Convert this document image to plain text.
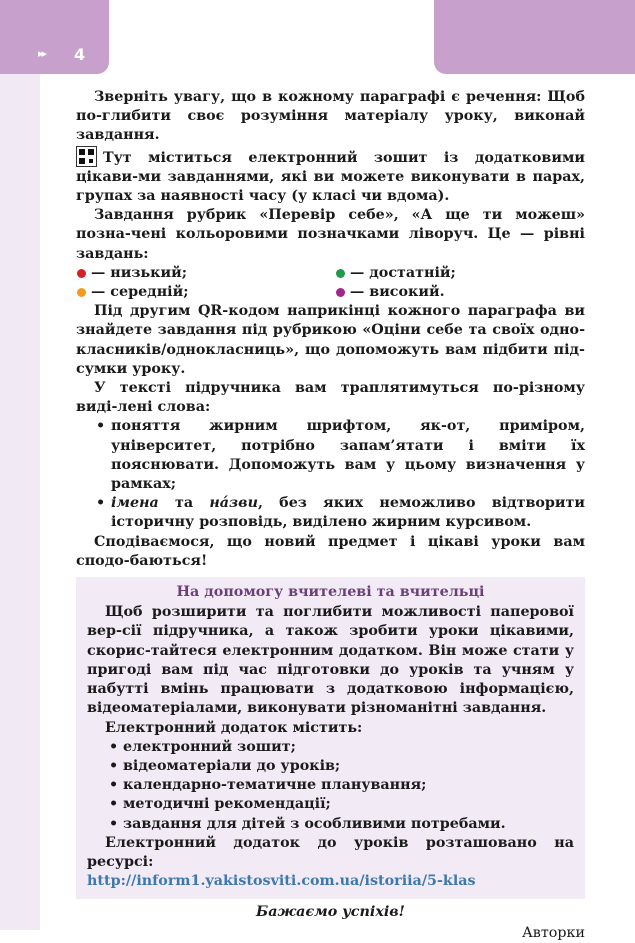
▸▸ 4

Зверніть увагу, що в кожному параграфі є речення: Щоб по-глибити своє розуміння матеріалу уроку, виконай завдання.

Тут міститься електронний зошит із додатковими цікави-ми завданнями, які ви можете виконувати в парах, групах за наявності часу (у класі чи вдома).

Завдання рубрик «Перевір себе», «А ще ти можеш» позна-чені кольоровими позначками ліворуч. Це — рівні завдань:

— низький;	— достатній;
— середній;	— високий.

Під другим QR-кодом наприкінці кожного параграфа ви знайдете завдання під рубрикою «Оціни себе та своїх одно-класників/однокласниць», що допоможуть вам підбити під-сумки уроку.

У тексті підручника вам траплятимуться по-різному виді-лені слова:

• поняття жирним шрифтом, як-от, приміром, університет, потрібно запам’ятати і вміти їх пояснювати. Допоможуть вам у цьому визначення у рамках;
• імена та нáзви, без яких неможливо відтворити історичну розповідь, виділено жирним курсивом.

Сподіваємося, що новий предмет і цікаві уроки вам сподо-баються!

На допомогу вчителеві та вчительці

Щоб розширити та поглибити можливості паперової вер-сії підручника, а також зробити уроки цікавими, скорис-тайтеся електронним додатком. Він може стати у пригоді вам під час підготовки до уроків та учням у набутті вмінь працювати з додатковою інформацією, відеоматеріалами, виконувати різноманітні завдання.

Електронний додаток містить:

• електронний зошит;
• відеоматеріали до уроків;
• календарно-тематичне планування;
• методичні рекомендації;
• завдання для дітей з особливими потребами.

Електронний додаток до уроків розташовано на ресурсі:

http://inform1.yakistosviti.com.ua/istoriia/5-klas
Бажаємо успіхів!
Авторки
